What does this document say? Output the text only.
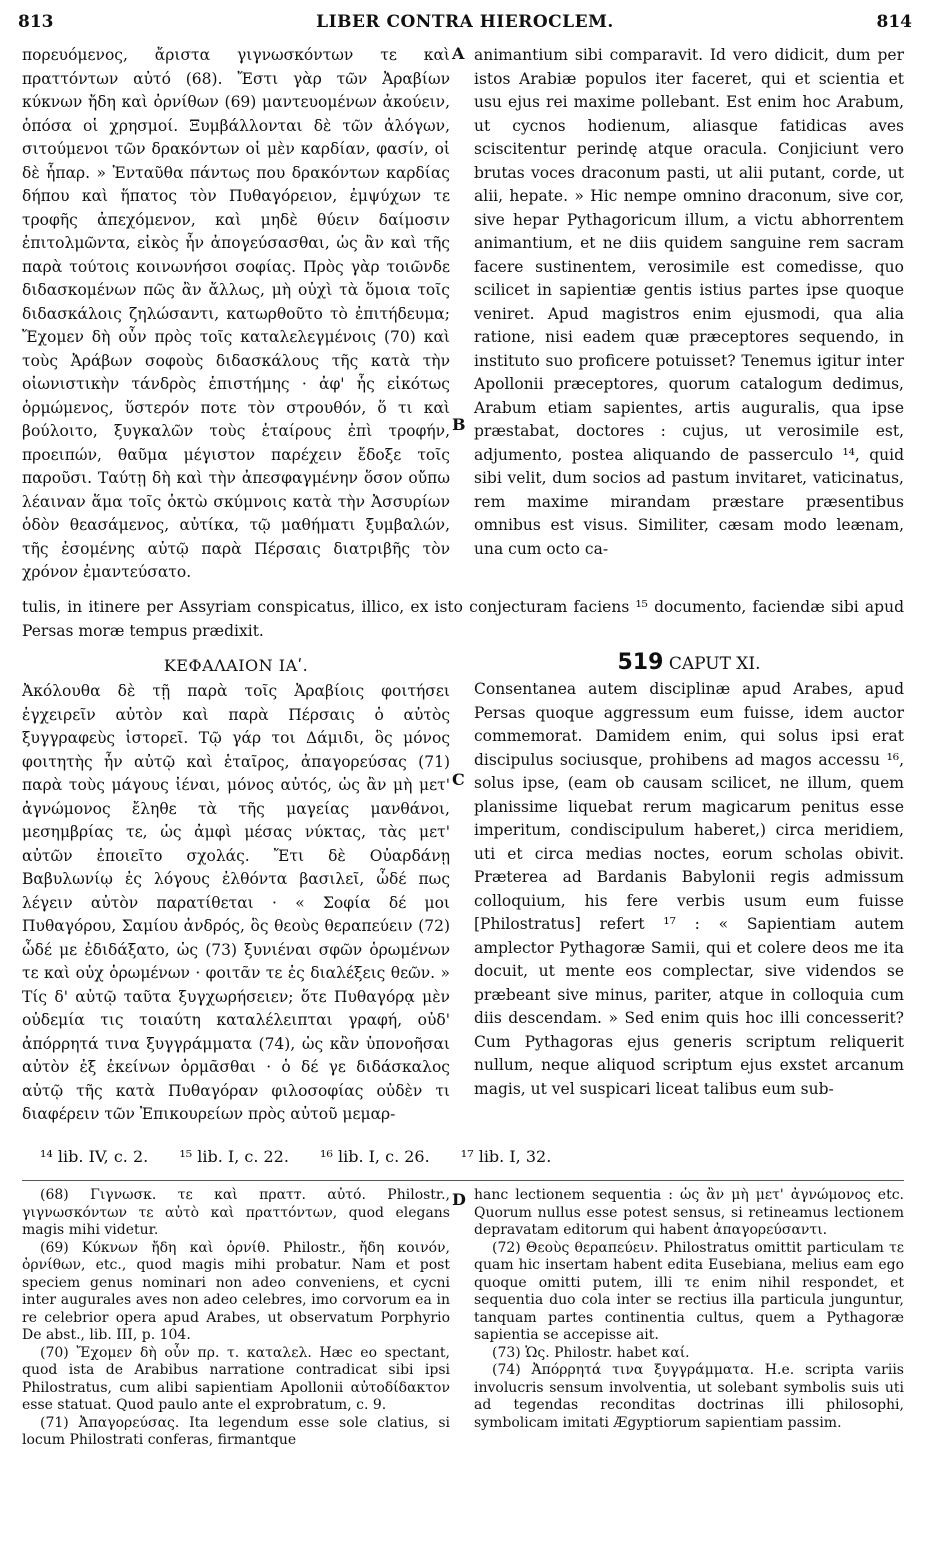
813	LIBER CONTRA HIEROCLEM.	814

πορευόμενος, ἄριστα γιγνωσκόντων τε καὶ πραττόντων αὐτό (68). Ἔστι γὰρ τῶν Ἀραβίων κύκνων ἤδη καὶ ὀρνίθων (69) μαντευομένων ἀκούειν, ὁπόσα οἱ χρησμοί. Ξυμβάλλονται δὲ τῶν ἀλόγων, σιτούμενοι τῶν δρακόντων οἱ μὲν καρδίαν, φασίν, οἱ δὲ ἧπαρ. » Ἐνταῦθα πάντως που δρακόντων καρδίας δήπου καὶ ἥπατος τὸν Πυθαγόρειον, ἐμψύχων τε τροφῆς ἀπεχόμενον, καὶ μηδὲ θύειν δαίμοσιν ἐπιτολμῶντα, εἰκὸς ἦν ἀπογεύσασθαι, ὡς ἂν καὶ τῆς παρὰ τούτοις κοινωνήσοι σοφίας. Πρὸς γὰρ τοιῶνδε διδασκομένων πῶς ἂν ἄλλως, μὴ οὐχὶ τὰ ὅμοια τοῖς διδασκάλοις ζηλώσαντι, κατωρθοῦτο τὸ ἐπιτήδευμα; Ἔχομεν δὴ οὖν πρὸς τοῖς καταλελεγμένοις (70) καὶ τοὺς Ἀράβων σοφοὺς διδασκάλους τῆς κατὰ τὴν οἰωνιστικὴν τάνδρὸς ἐπιστήμης · ἀφ' ἧς εἰκότως ὁρμώμενος, ὕστερόν ποτε τὸν στρουθόν, ὅ τι καὶ βούλοιτο, ξυγκαλῶν τοὺς ἑταίρους ἐπὶ τροφήν, προειπών, θαῦμα μέγιστον παρέχειν ἔδοξε τοῖς παροῦσι. Ταύτῃ δὴ καὶ τὴν ἀπεσφαγμένην ὅσον οὔπω λέαιναν ἅμα τοῖς ὀκτὼ σκύμνοις κατὰ τὴν Ἀσσυρίων ὁδὸν θεασάμενος, αὐτίκα, τῷ μαθήματι ξυμβαλών, τῆς ἐσομένης αὐτῷ παρὰ Πέρσαις διατριβῆς τὸν χρόνον ἐμαντεύσατο.

animantium sibi comparavit. Id vero didicit, dum per istos Arabiæ populos iter faceret, qui et scientia et usu ejus rei maxime pollebant. Est enim hoc Arabum, ut cycnos hodienum, aliasque fatidicas aves sciscitentur perindę atque oracula. Conjiciunt vero brutas voces draconum pasti, ut alii putant, corde, ut alii, hepate. » Hic nempe omnino draconum, sive cor, sive hepar Pythagoricum illum, a victu abhorrentem animantium, et ne diis quidem sanguine rem sacram facere sustinentem, verosimile est comedisse, quo scilicet in sapientiæ gentis istius partes ipse quoque veniret. Apud magistros enim ejusmodi, qua alia ratione, nisi eadem quæ præceptores sequendo, in instituto suo proficere potuisset? Tenemus igitur inter Apollonii præceptores, quorum catalogum dedimus, Arabum etiam sapientes, artis auguralis, qua ipse præstabat, doctores : cujus, ut verosimile est, adjumento, postea aliquando de passerculo ¹⁴, quid sibi velit, dum socios ad pastum invitaret, vaticinatus, rem maxime mirandam præstare præsentibus omnibus est visus. Similiter, cæsam modo leænam, una cum octo ca-

A
B
C
D
tulis, in itinere per Assyriam conspicatus, illico, ex isto conjecturam faciens ¹⁵ documento, faciendæ sibi apud Persas moræ tempus prædixit.
ΚΕΦΑΛΑΙΟΝ ΙΑʹ.	519 CAPUT XI.
Ἀκόλουθα δὲ τῇ παρὰ τοῖς Ἀραβίοις φοιτήσει ἐγχειρεῖν αὐτὸν καὶ παρὰ Πέρσαις ὁ αὐτὸς ξυγγραφεὺς ἱστορεῖ. Τῷ γάρ τοι Δάμιδι, ὃς μόνος φοιτητὴς ἦν αὐτῷ καὶ ἑταῖρος, ἀπαγορεύσας (71) παρὰ τοὺς μάγους ἰέναι, μόνος αὐτός, ὡς ἂν μὴ μετ' ἀγνώμονος ἔληθε τὰ τῆς μαγείας μανθάνοι, μεσημβρίας τε, ὡς ἀμφὶ μέσας νύκτας, τὰς μετ' αὐτῶν ἐποιεῖτο σχολάς. Ἔτι δὲ Οὐαρδάνῃ Βαβυλωνίῳ ἐς λόγους ἐλθόντα βασιλεῖ, ὧδέ πως λέγειν αὐτὸν παρατίθεται · « Σοφία δέ μοι Πυθαγόρου, Σαμίου ἀνδρός, ὃς θεοὺς θεραπεύειν (72) ὧδέ με ἐδιδάξατο, ὡς (73) ξυνιέναι σφῶν ὁρωμένων τε καὶ οὐχ ὁρωμένων · φοιτᾶν τε ἐς διαλέξεις θεῶν. » Τίς δ' αὐτῷ ταῦτα ξυγχωρήσειεν; ὅτε Πυθαγόρᾳ μὲν οὐδεμία τις τοιαύτη καταλέλειπται γραφή, οὐδ' ἀπόρρητά τινα ξυγγράμματα (74), ὡς κἂν ὑπονοῆσαι αὐτὸν ἐξ ἐκείνων ὁρμᾶσθαι · ὁ δέ γε διδάσκαλος αὐτῷ τῆς κατὰ Πυθαγόραν φιλοσοφίας οὐδὲν τι διαφέρειν τῶν Ἐπικουρείων πρὸς αὐτοῦ μεμαρ-
Consentanea autem disciplinæ apud Arabes, apud Persas quoque aggressum eum fuisse, idem auctor commemorat. Damidem enim, qui solus ipsi erat discipulus sociusque, prohibens ad magos accessu ¹⁶, solus ipse, (eam ob causam scilicet, ne illum, quem planissime liquebat rerum magicarum penitus esse imperitum, condiscipulum haberet,) circa meridiem, uti et circa medias noctes, eorum scholas obivit. Præterea ad Bardanis Babylonii regis admissum colloquium, his fere verbis usum eum fuisse [Philostratus] refert ¹⁷ : « Sapientiam autem amplector Pythagoræ Samii, qui et colere deos me ita docuit, ut mente eos complectar, sive videndos se præbeant sive minus, pariter, atque in colloquia cum diis descendam. » Sed enim quis hoc illi concesserit? Cum Pythagoras ejus generis scriptum reliquerit nullum, neque aliquod scriptum ejus exstet arcanum magis, ut vel suspicari liceat talibus eum sub-
¹⁴ lib. IV, c. 2. ¹⁵ lib. I, c. 22. ¹⁶ lib. I, c. 26. ¹⁷ lib. I, 32.

(68) Γιγνωσκ. τε καὶ πρατт. αὐτό. Philostr., γιγνωσκόντων τε αὐτὸ καὶ πραττόντων, quod elegans magis mihi videtur.

(69) Κύκνων ἤδη καὶ ὀρνίθ. Philostr., ἤδη κοινόν, ὀρνίθων, etc., quod magis mihi probatur. Nam et post speciem genus nominari non adeo conveniens, et cycni inter augurales aves non adeo celebres, imo corvorum ea in re celebrior opera apud Arabes, ut observatum Porphyrio De abst., lib. III, p. 104.

(70) Ἔχομεν δὴ οὖν πρ. τ. καταλελ. Hæc eo spectant, quod ista de Arabibus narratione contradicat sibi ipsi Philostratus, cum alibi sapientiam Apollonii αὐτοδίδακτον esse statuat. Quod paulo ante el exprobratum, c. 9.

(71) Ἀπαγορεύσας. Ita legendum esse sole clatius, si locum Philostrati conferas, firmantque

hanc lectionem sequentia : ὡς ἂν μὴ μετ' ἀγνώμονος etc. Quorum nullus esse potest sensus, si retineamus lectionem depravatam editorum qui habent ἀπαγορεύσαντι.

(72) Θεοὺς θεραπεύειν. Philostratus omittit particulam τε quam hic insertam habent edita Eusebiana, melius eam ego quoque omitti putem, illi τε enim nihil respondet, et sequentia duo cola inter se rectius illa particula junguntur, tanquam partes continentia cultus, quem a Pythagoræ sapientia se accepisse ait.

(73) Ὡς. Philostr. habet καί.

(74) Ἀπόρρητά τινα ξυγγράμματα. H.e. scripta variis involucris sensum involventia, ut solebant symbolis suis uti ad tegendas reconditas doctrinas illi philosophi, symbolicam imitati Ægyptiorum sapientiam passim.
